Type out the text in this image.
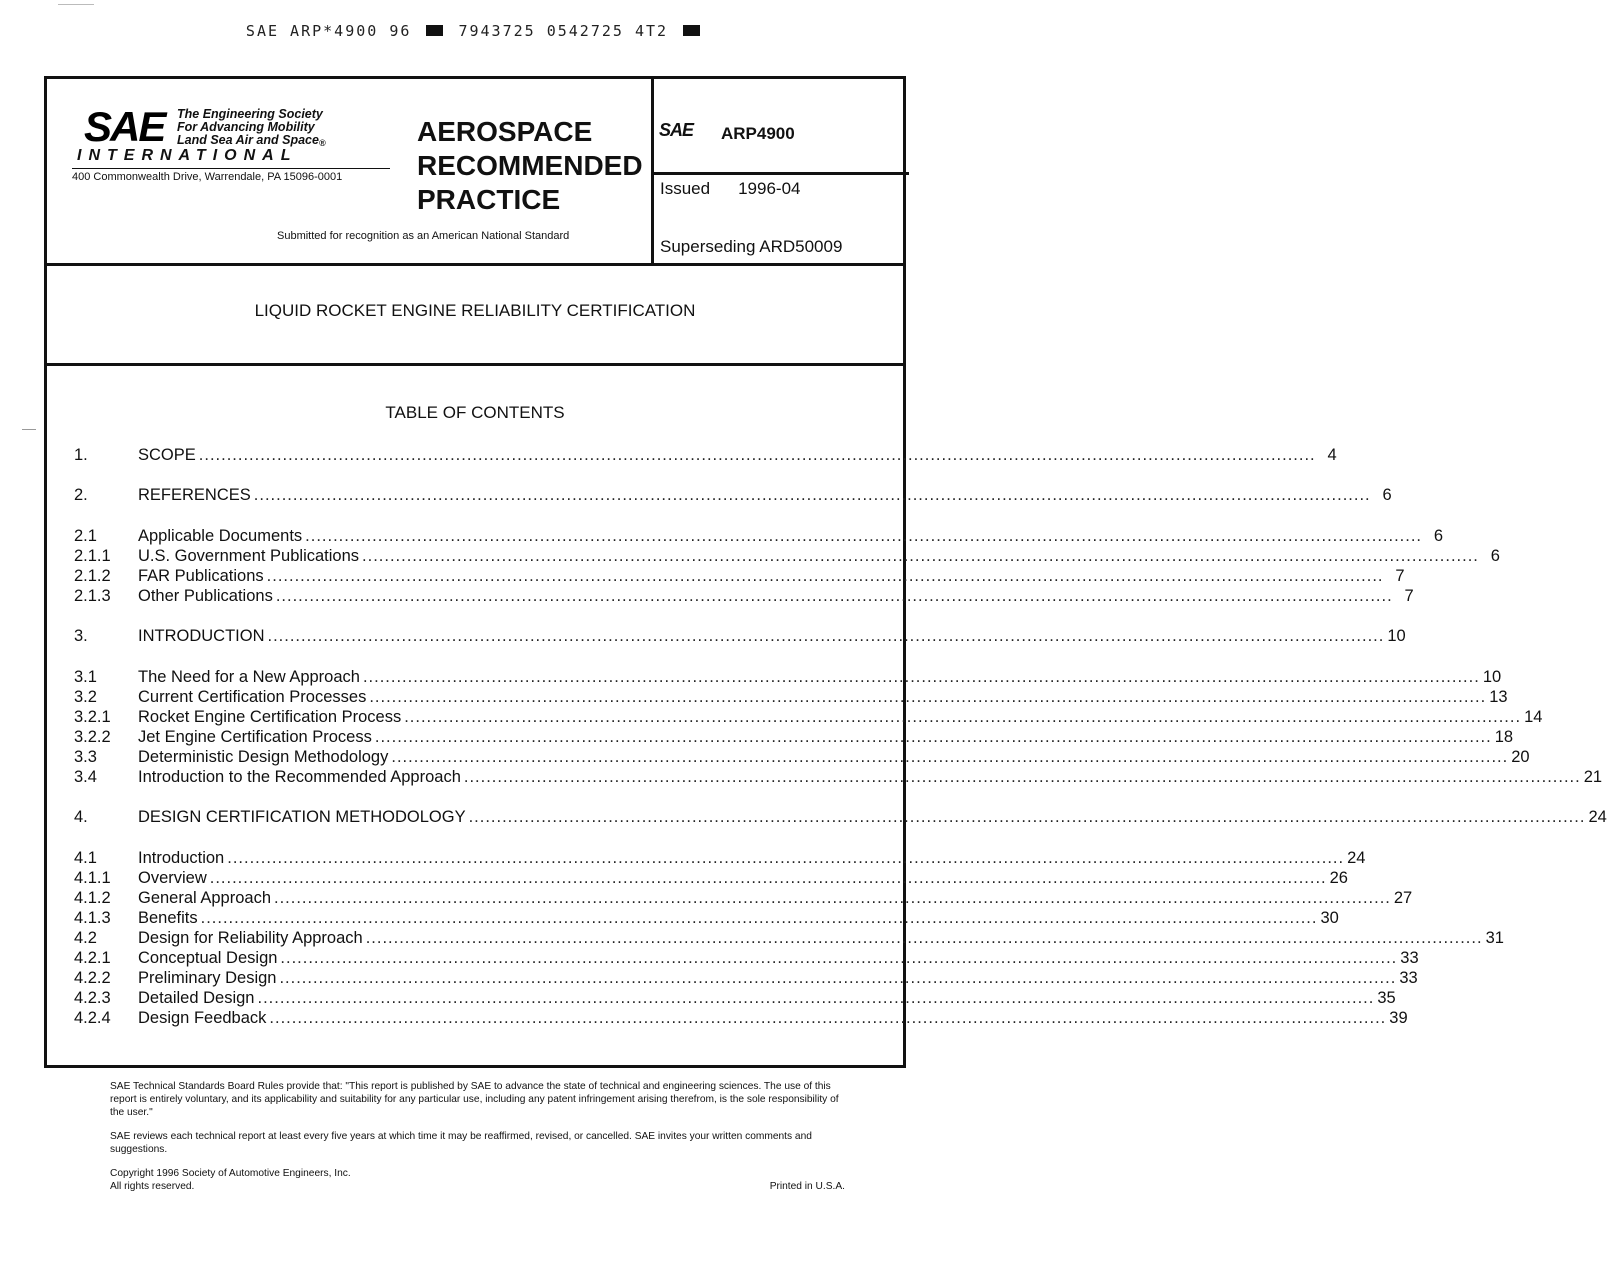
SAE ARP*4900 96	7943725 0542725 4T2
SAE The Engineering Society
For Advancing Mobility
Land Sea Air and Space®
INTERNATIONAL
400 Commonwealth Drive, Warrendale, PA 15096-0001
AEROSPACE
RECOMMENDED
PRACTICE
Submitted for recognition as an American National Standard
SAE ARP4900
Issued 1996-04
Superseding ARD50009
LIQUID ROCKET ENGINE RELIABILITY CERTIFICATION
TABLE OF CONTENTS
1.	SCOPE ........................................................................................................................................................................................................ 4
2.	REFERENCES ........................................................................................................................................................................................................ 6
2.1	Applicable Documents ........................................................................................................................................................................................................ 6
2.1.1	U.S. Government Publications ........................................................................................................................................................................................................ 6
2.1.2	FAR Publications ........................................................................................................................................................................................................ 7
2.1.3	Other Publications ........................................................................................................................................................................................................ 7
3.	INTRODUCTION ........................................................................................................................................................................................................ 10
3.1	The Need for a New Approach ........................................................................................................................................................................................................ 10
3.2	Current Certification Processes ........................................................................................................................................................................................................ 13
3.2.1	Rocket Engine Certification Process ........................................................................................................................................................................................................ 14
3.2.2	Jet Engine Certification Process ........................................................................................................................................................................................................ 18
3.3	Deterministic Design Methodology ........................................................................................................................................................................................................ 20
3.4	Introduction to the Recommended Approach ........................................................................................................................................................................................................ 21
4.	DESIGN CERTIFICATION METHODOLOGY ........................................................................................................................................................................................................ 24
4.1	Introduction ........................................................................................................................................................................................................ 24
4.1.1	Overview ........................................................................................................................................................................................................ 26
4.1.2	General Approach ........................................................................................................................................................................................................ 27
4.1.3	Benefits ........................................................................................................................................................................................................ 30
4.2	Design for Reliability Approach ........................................................................................................................................................................................................ 31
4.2.1	Conceptual Design ........................................................................................................................................................................................................ 33
4.2.2	Preliminary Design ........................................................................................................................................................................................................ 33
4.2.3	Detailed Design ........................................................................................................................................................................................................ 35
4.2.4	Design Feedback ........................................................................................................................................................................................................ 39

SAE Technical Standards Board Rules provide that: "This report is published by SAE to advance the state of technical and engineering sciences. The use of this report is entirely voluntary, and its applicability and suitability for any particular use, including any patent infringement arising therefrom, is the sole responsibility of the user."

SAE reviews each technical report at least every five years at which time it may be reaffirmed, revised, or cancelled. SAE invites your written comments and suggestions.

Copyright 1996 Society of Automotive Engineers, Inc.
All rights reserved.	Printed in U.S.A.
